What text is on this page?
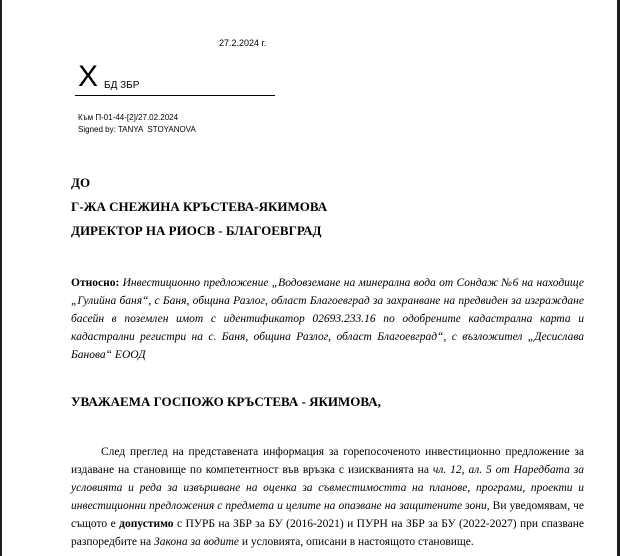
27.2.2024 г.
X БД ЗБР
Към П-01-44-[2]/27.02.2024
Signed by: TANYA  STOYANOVA
ДО
Г-ЖА СНЕЖИНА КРЪСТЕВА-ЯКИМОВА
ДИРЕКТОР НА РИОСВ - БЛАГОЕВГРАД
Относно: Инвестиционно предложение „Водовземане на минерална вода от Сондаж №6 на находище „Гулийна баня“, с Баня, община Разлог, област Благоевград за захранване на предвиден за изграждане басейн в поземлен имот с идентификатор 02693.233.16 по одобрените кадастрална карта и кадастрални регистри на с. Баня, община Разлог, област Благоевград“, с възложител „Десислава Банова“ ЕООД
УВАЖАЕМА ГОСПОЖО КРЪСТЕВА - ЯКИМОВА,
След преглед на представената информация за горепосоченото инвестиционно предложение за издаване на становище по компетентност във връзка с изискванията на чл. 12, ал. 5 от Наредбата за условията и реда за извършване на оценка за съвместимостта на планове, програми, проекти и инвестиционни предложения с предмета и целите на опазване на защитените зони, Ви уведомявам, че същото е допустимо с ПУРБ на ЗБР за БУ (2016-2021) и ПУРН на ЗБР за БУ (2022-2027) при спазване разпоредбите на Закона за водите и условията, описани в настоящото становище.
